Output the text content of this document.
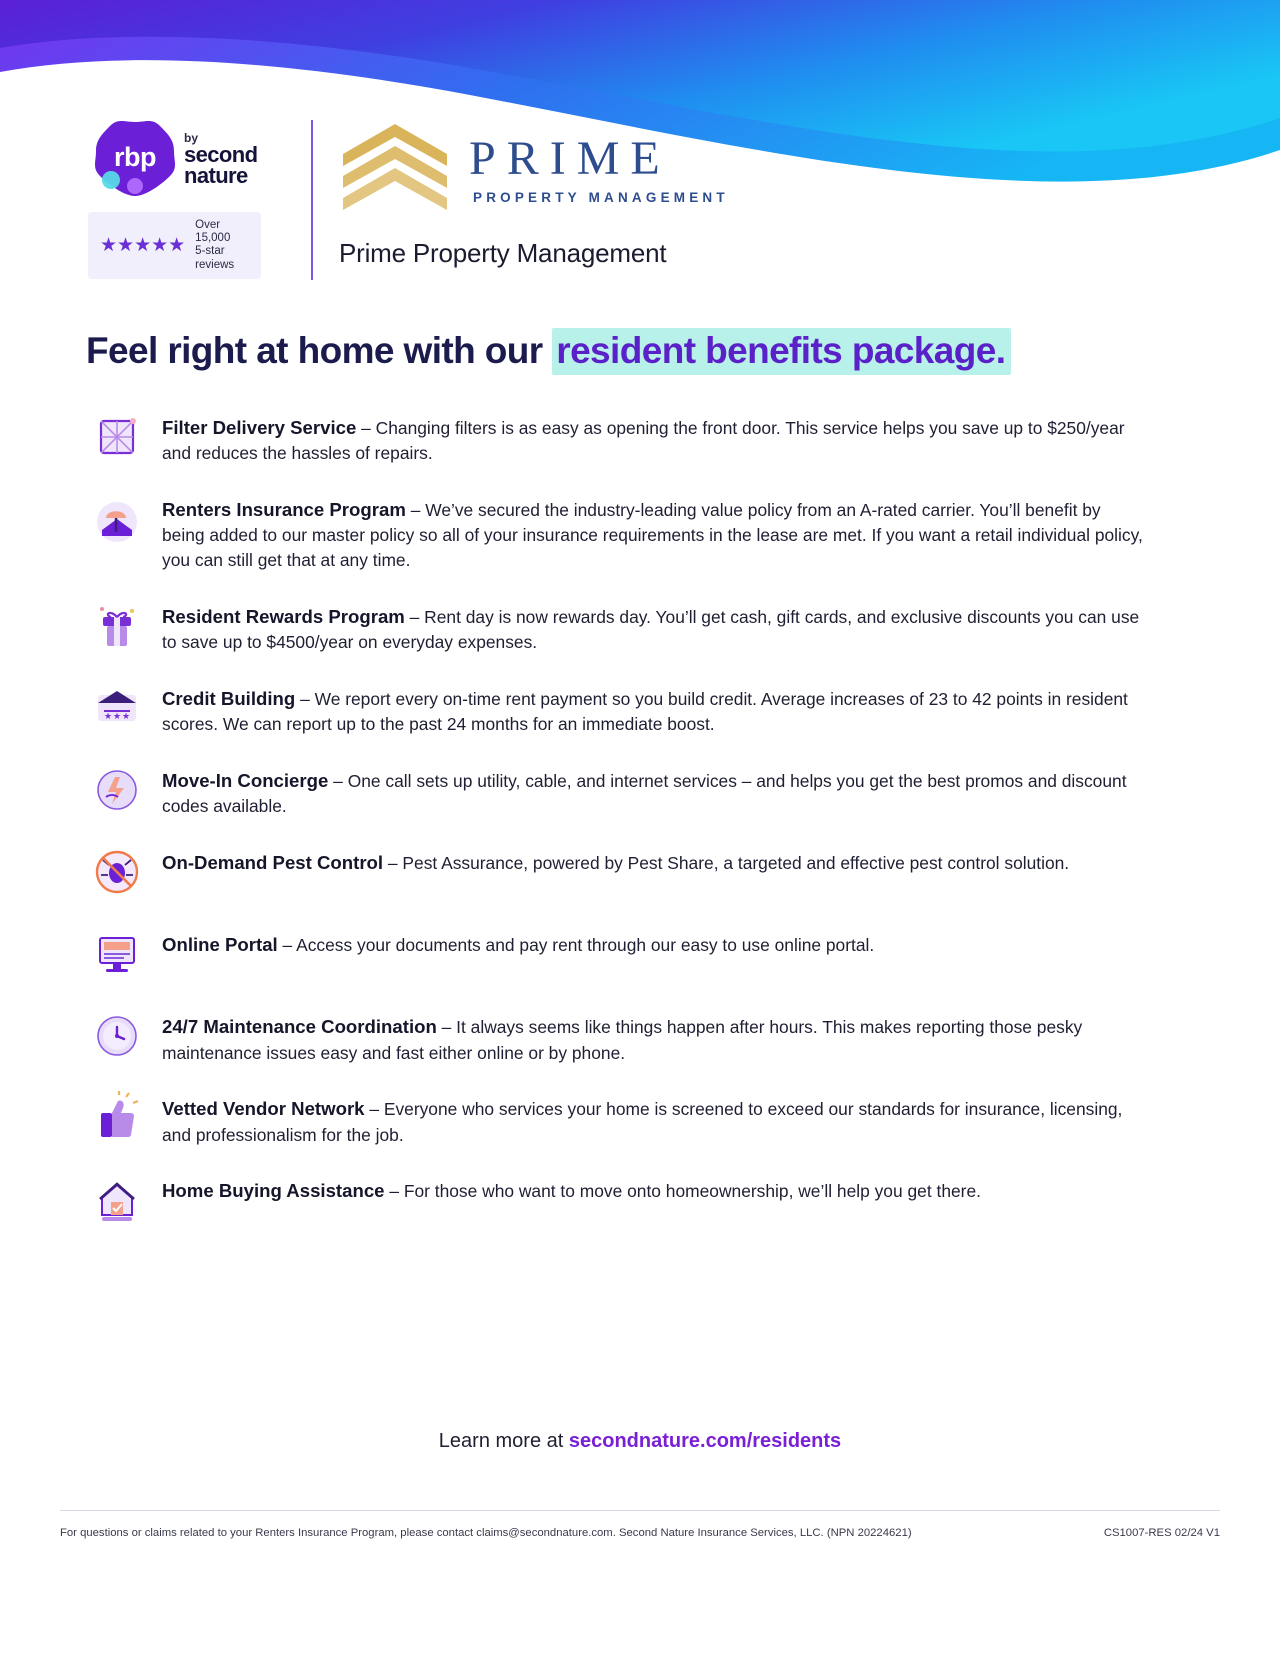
rbp
by
second
nature
★★★★★
Over 15,000
5-star reviews
PRIME
PROPERTY MANAGEMENT
Prime Property Management
Feel right at home with our resident benefits package.
Filter Delivery Service – Changing filters is as easy as opening the front door. This service helps you save up to $250/year and reduces the hassles of repairs.
Renters Insurance Program – We’ve secured the industry-leading value policy from an A-rated carrier. You’ll benefit by being added to our master policy so all of your insurance requirements in the lease are met. If you want a retail individual policy, you can still get that at any time.
Resident Rewards Program – Rent day is now rewards day. You’ll get cash, gift cards, and exclusive discounts you can use to save up to $4500/year on everyday expenses.
★ ★ ★
Credit Building – We report every on-time rent payment so you build credit. Average increases of 23 to 42 points in resident scores. We can report up to the past 24 months for an immediate boost.
Move-In Concierge – One call sets up utility, cable, and internet services – and helps you get the best promos and discount codes available.
On-Demand Pest Control – Pest Assurance, powered by Pest Share, a targeted and effective pest control solution.
Online Portal – Access your documents and pay rent through our easy to use online portal.
24/7 Maintenance Coordination – It always seems like things happen after hours. This makes reporting those pesky maintenance issues easy and fast either online or by phone.
Vetted Vendor Network – Everyone who services your home is screened to exceed our standards for insurance, licensing, and professionalism for the job.
Home Buying Assistance – For those who want to move onto homeownership, we’ll help you get there.
Learn more at secondnature.com/residents
For questions or claims related to your Renters Insurance Program, please contact claims@secondnature.com. Second Nature Insurance Services, LLC. (NPN 20224621)	CS1007-RES 02/24 V1
